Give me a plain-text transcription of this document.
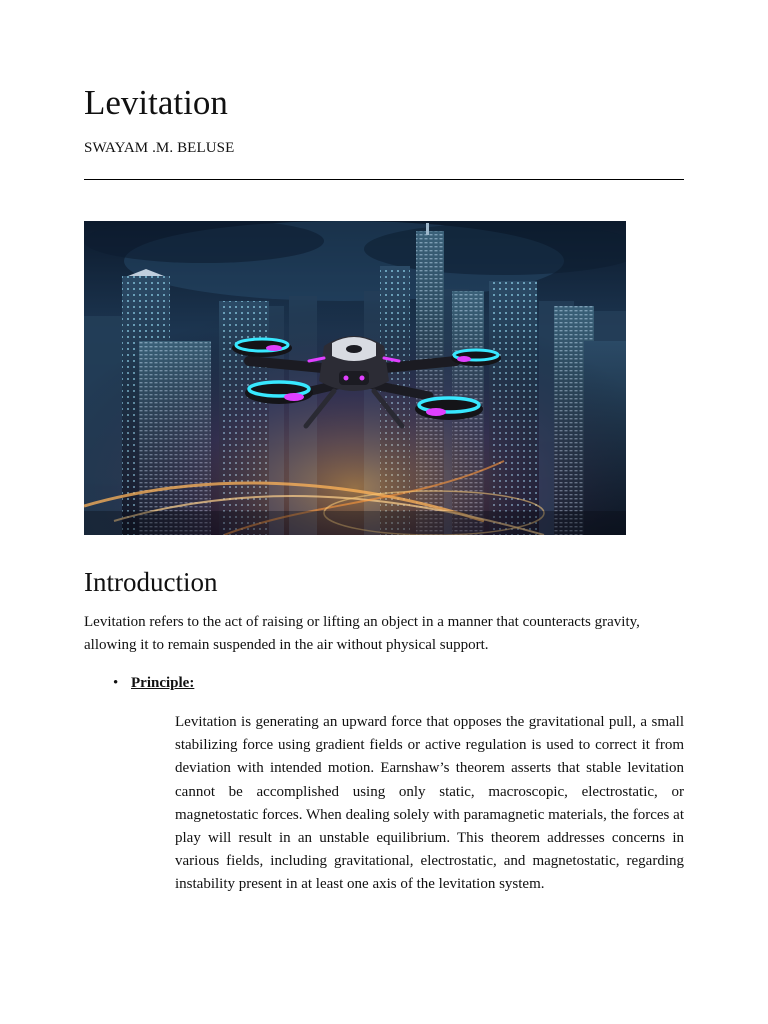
Levitation

SWAYAM .M. BELUSE

Introduction

Levitation refers to the act of raising or lifting an object in a manner that counteracts gravity, allowing it to remain suspended in the air without physical support.

• Principle:

Levitation is generating an upward force that opposes the gravitational pull, a small stabilizing force using gradient fields or active regulation is used to correct it from deviation with intended motion. Earnshaw’s theorem asserts that stable levitation cannot be accomplished using only static, macroscopic, electrostatic, or magnetostatic forces. When dealing solely with paramagnetic materials, the forces at play will result in an unstable equilibrium. This theorem addresses concerns in various fields, including gravitational, electrostatic, and magnetostatic, regarding instability present in at least one axis of the levitation system.
